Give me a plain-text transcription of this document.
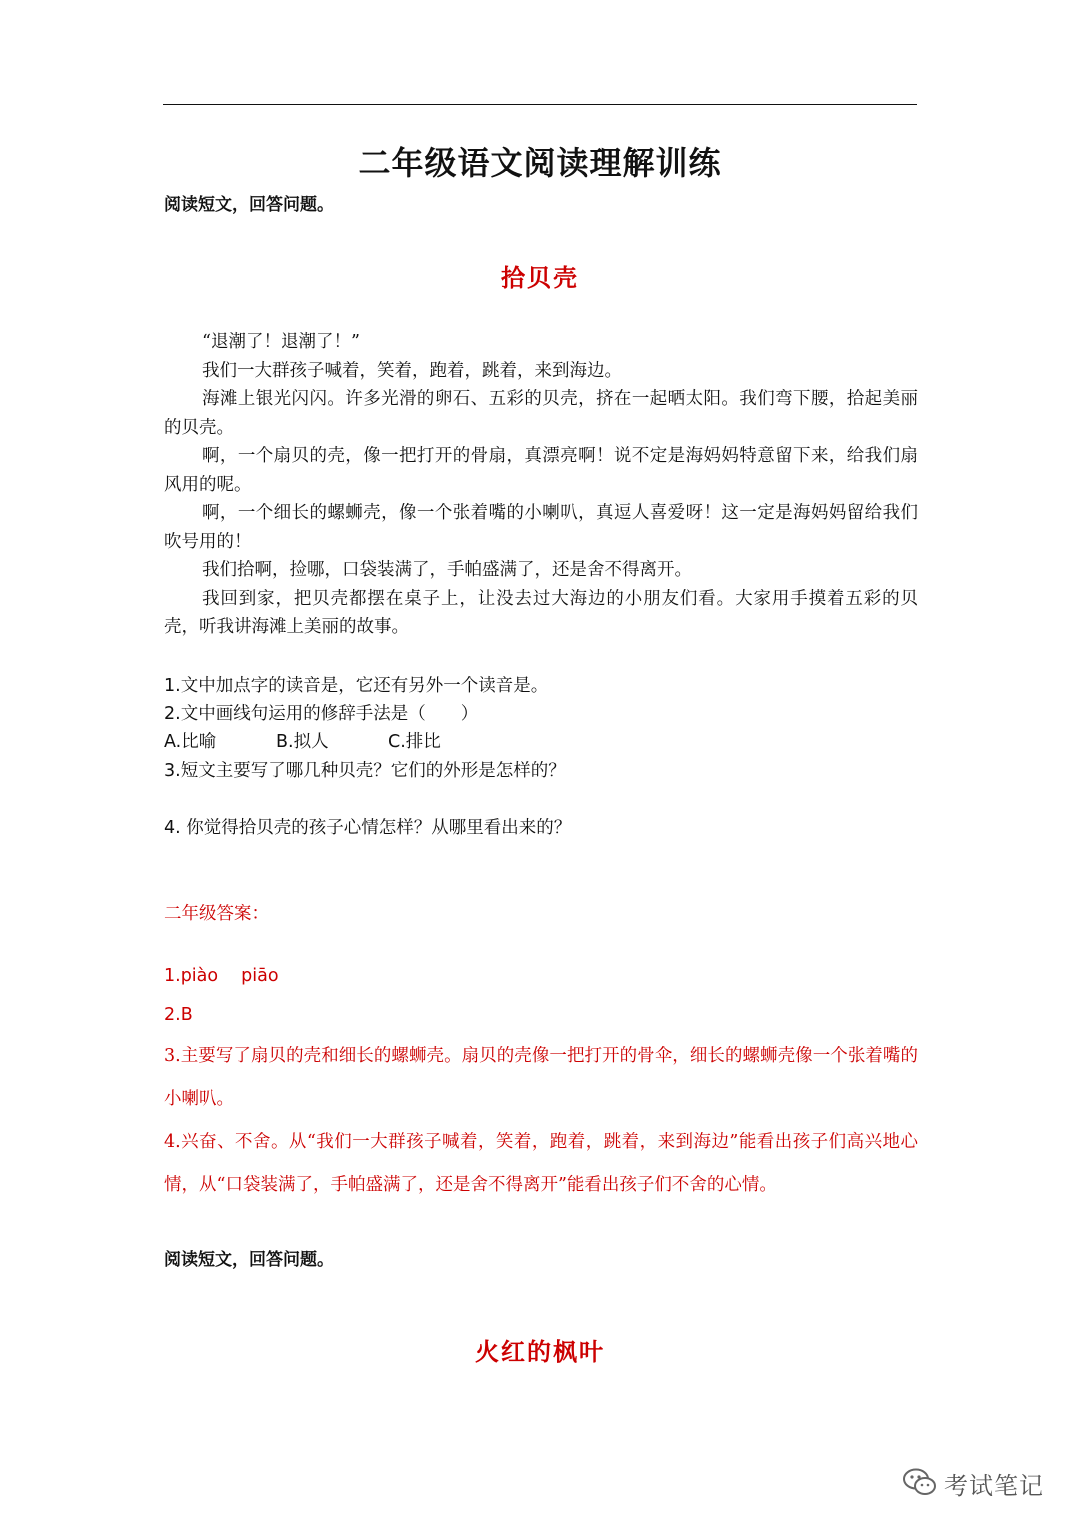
二年级语文阅读理解训练
阅读短文，回答问题。
拾贝壳
“退潮了！退潮了！”
我们一大群孩子喊着，笑着，跑着，跳着，来到海边。
海滩上银光闪闪。许多光滑的卵石、五彩的贝壳，挤在一起晒太阳。我们弯下腰，拾起美丽的贝壳。
啊，一个扇贝的壳，像一把打开的骨扇，真漂亮啊！说不定是海妈妈特意留下来，给我们扇风用的呢。
啊，一个细长的螺蛳壳，像一个张着嘴的小喇叭，真逗人喜爱呀！这一定是海妈妈留给我们吹号用的！
我们拾啊，捡哪，口袋装满了，手帕盛满了，还是舍不得离开。
我回到家，把贝壳都摆在桌子上，让没去过大海边的小朋友们看。大家用手摸着五彩的贝壳，听我讲海滩上美丽的故事。
1.文中加点字的读音是，它还有另外一个读音是。
2.文中画线句运用的修辞手法是（　　）
A.比喻	B.拟人	C.排比
3.短文主要写了哪几种贝壳？它们的外形是怎样的？
4. 你觉得拾贝壳的孩子心情怎样？从哪里看出来的？
二年级答案：
1.piào　 piāo
2.B
3.主要写了扇贝的壳和细长的螺蛳壳。扇贝的壳像一把打开的骨伞，细长的螺蛳壳像一个张着嘴的小喇叭。
4.兴奋、不舍。从“我们一大群孩子喊着，笑着，跑着，跳着，来到海边”能看出孩子们高兴地心情，从“口袋装满了，手帕盛满了，还是舍不得离开”能看出孩子们不舍的心情。
阅读短文，回答问题。
火红的枫叶
考试笔记
